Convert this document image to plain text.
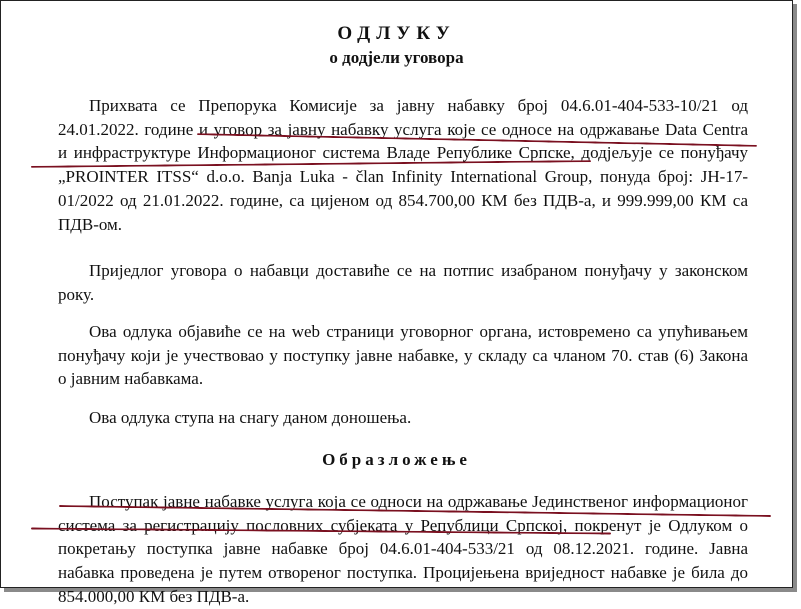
ОДЛУКУ
о додјели уговора
Прихвата се Препорука Комисије за јавну набавку број 04.6.01-404-533-10/21 од
24.01.2022. године и уговор за јавну набавку услуга које се односе на одржавање Data Centra
и инфраструктуре Информационог система Владе Републике Српске, додјељује се понуђачу
„PROINTER ITSS“ d.o.o. Banja Luka - član Infinity International Group, понуда број: JH-17-
01/2022 од 21.01.2022. године, са цијеном од 854.700,00 КМ без ПДВ-а, и 999.999,00 КМ са
ПДВ-ом.
Приједлог уговора о набавци доставиће се на потпис изабраном понуђачу у законском
року.
Ова одлука објавиће се на web страници уговорног органа, истовремено са упућивањем
понуђачу који је учествовао у поступку јавне набавке, у складу са чланом 70. став (6) Закона
о јавним набавкама.
Ова одлука ступа на снагу даном доношења.
Образложење
Поступак јавне набавке услуга која се односи на одржавање Јединственог информационог
система за регистрацију пословних субјеката у Републици Српској, покренут је Одлуком о
покретању поступка јавне набавке број 04.6.01-404-533/21 од 08.12.2021. године. Јавна
набавка проведена је путем отвореног поступка. Процијењена вриједност набавке је била до
854.000,00 КМ без ПДВ-а.
